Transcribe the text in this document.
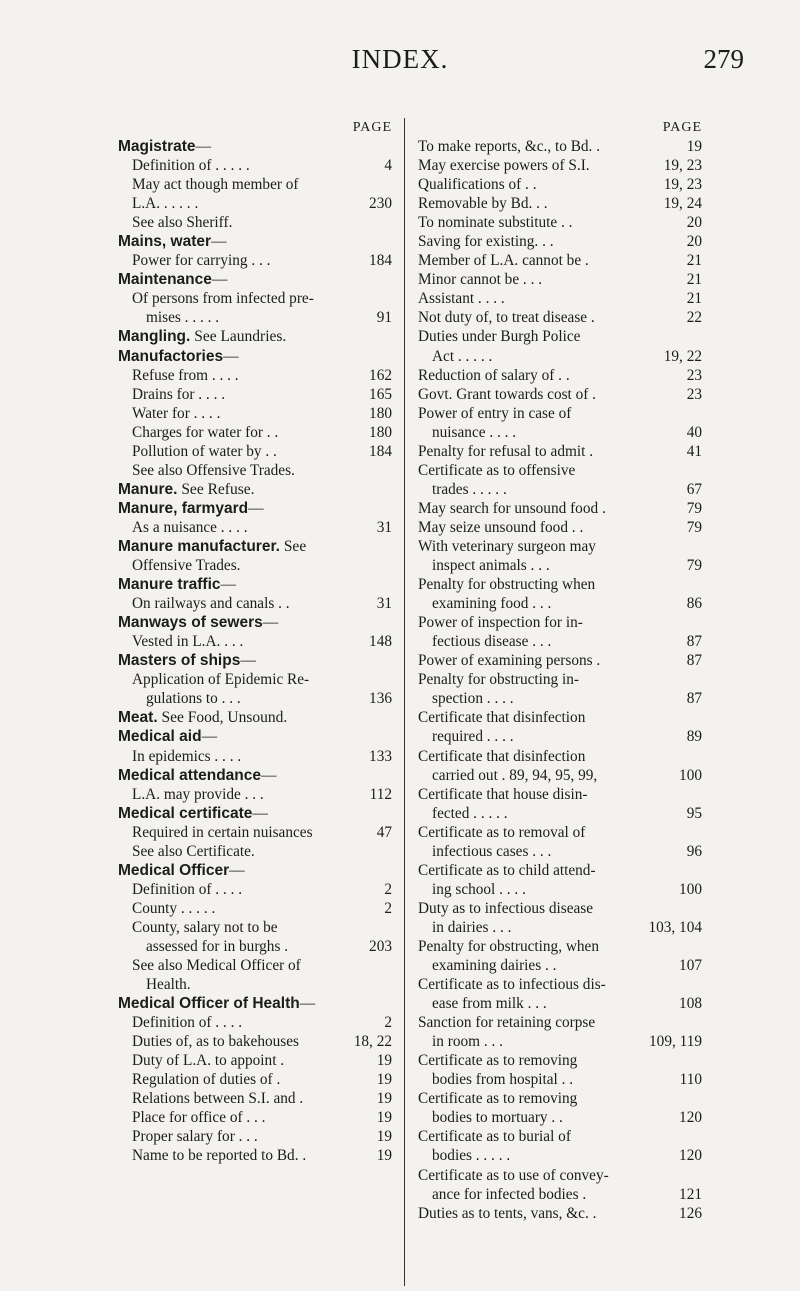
INDEX.	279
PAGE
Magistrate—
Definition of . . . . .	4
May act though member of
L.A. . . . . .	230
See also Sheriff.
Mains, water—
Power for carrying . . .	184
Maintenance—
Of persons from infected pre-
mises . . . . .	91
Mangling. See Laundries.
Manufactories—
Refuse from . . . .	162
Drains for . . . .	165
Water for . . . .	180
Charges for water for . .	180
Pollution of water by . .	184
See also Offensive Trades.
Manure. See Refuse.
Manure, farmyard—
As a nuisance . . . .	31
Manure manufacturer. See
Offensive Trades.
Manure traffic—
On railways and canals . .	31
Manways of sewers—
Vested in L.A. . . .	148
Masters of ships—
Application of Epidemic Re-
gulations to . . .	136
Meat. See Food, Unsound.
Medical aid—
In epidemics . . . .	133
Medical attendance—
L.A. may provide . . .	112
Medical certificate—
Required in certain nuisances	47
See also Certificate.
Medical Officer—
Definition of . . . .	2
County . . . . .	2
County, salary not to be
assessed for in burghs .	203
See also Medical Officer of
Health.
Medical Officer of Health—
Definition of . . . .	2
Duties of, as to bakehouses	18, 22
Duty of L.A. to appoint .	19
Regulation of duties of .	19
Relations between S.I. and .	19
Place for office of . . .	19
Proper salary for . . .	19
Name to be reported to Bd. .	19
PAGE
To make reports, &c., to Bd. .	19
May exercise powers of S.I.	19, 23
Qualifications of . .	19, 23
Removable by Bd. . .	19, 24
To nominate substitute . .	20
Saving for existing. . .	20
Member of L.A. cannot be .	21
Minor cannot be . . .	21
Assistant . . . .	21
Not duty of, to treat disease .	22
Duties under Burgh Police
Act . . . . .	19, 22
Reduction of salary of . .	23
Govt. Grant towards cost of .	23
Power of entry in case of
nuisance . . . .	40
Penalty for refusal to admit .	41
Certificate as to offensive
trades . . . . .	67
May search for unsound food .	79
May seize unsound food . .	79
With veterinary surgeon may
inspect animals . . .	79
Penalty for obstructing when
examining food . . .	86
Power of inspection for in-
fectious disease . . .	87
Power of examining persons .	87
Penalty for obstructing in-
spection . . . .	87
Certificate that disinfection
required . . . .	89
Certificate that disinfection
carried out . 89, 94, 95, 99,	100
Certificate that house disin-
fected . . . . .	95
Certificate as to removal of
infectious cases . . .	96
Certificate as to child attend-
ing school . . . .	100
Duty as to infectious disease
in dairies . . .	103, 104
Penalty for obstructing, when
examining dairies . .	107
Certificate as to infectious dis-
ease from milk . . .	108
Sanction for retaining corpse
in room . . .	109, 119
Certificate as to removing
bodies from hospital . .	110
Certificate as to removing
bodies to mortuary . .	120
Certificate as to burial of
bodies . . . . .	120
Certificate as to use of convey-
ance for infected bodies .	121
Duties as to tents, vans, &c. .	126
